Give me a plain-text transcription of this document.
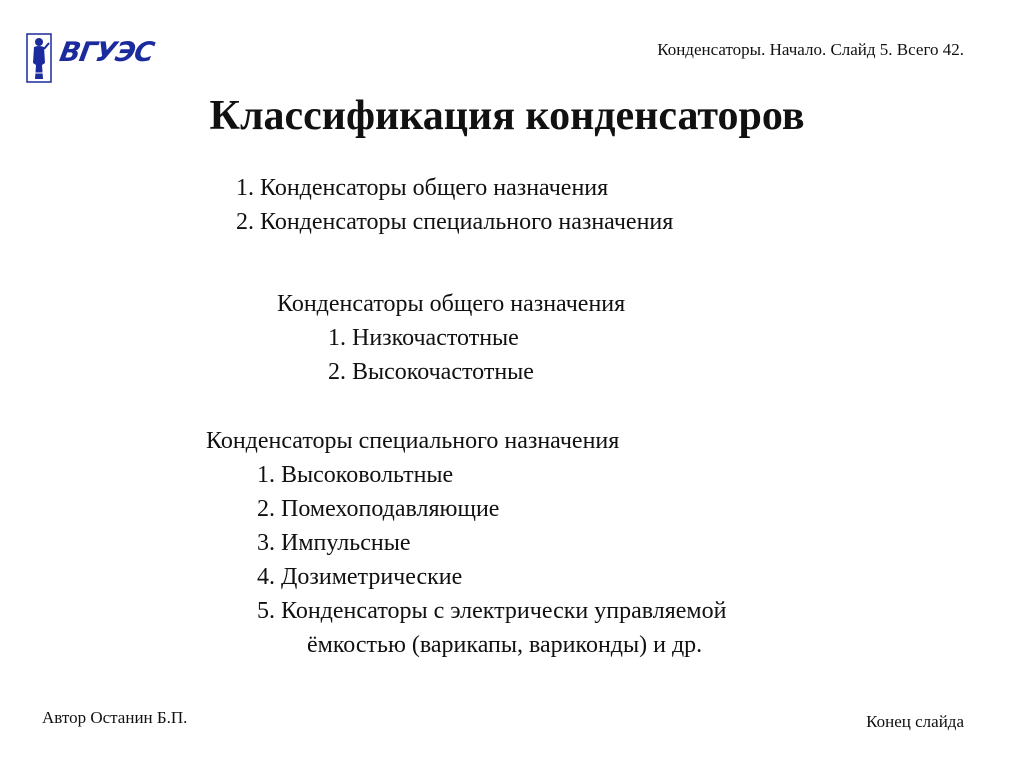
ВГУЭС	Конденсаторы. Начало. Слайд 5. Всего 42.
Классификация конденсаторов
1. Конденсаторы общего назначения
2. Конденсаторы специального назначения
Конденсаторы общего назначения
1. Низкочастотные
2. Высокочастотные
Конденсаторы специального назначения
1. Высоковольтные
2. Помехоподавляющие
3. Импульсные
4. Дозиметрические
5. Конденсаторы с электрически управляемой
ёмкостью (варикапы, вариконды) и др.
Автор Останин Б.П.	Конец слайда
